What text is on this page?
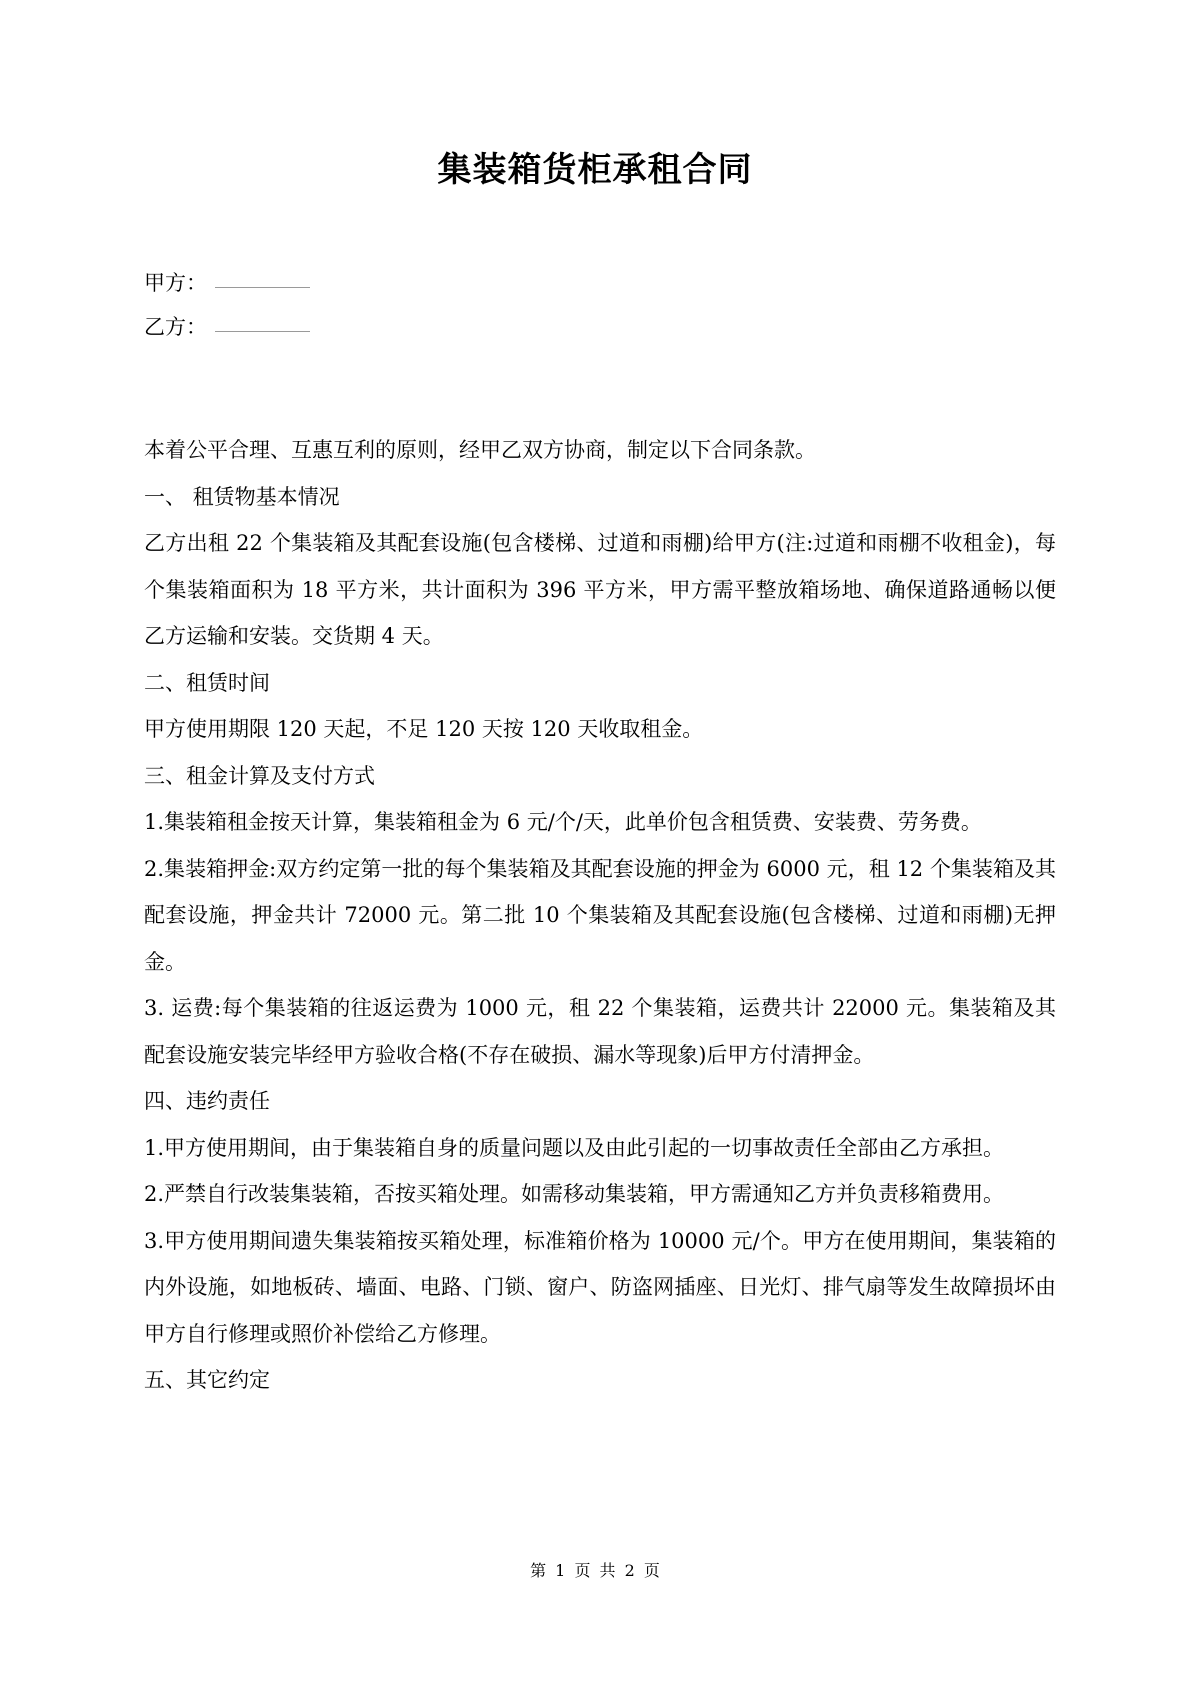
集装箱货柜承租合同
甲方：
乙方：

本着公平合理、互惠互利的原则，经甲乙双方协商，制定以下合同条款。

一、 租赁物基本情况

乙方出租 22 个集装箱及其配套设施(包含楼梯、过道和雨棚)给甲方(注:过道和雨棚不收租金)，每个集装箱面积为 18 平方米，共计面积为 396 平方米，甲方需平整放箱场地、确保道路通畅以便乙方运输和安装。交货期 4 天。

二、租赁时间

甲方使用期限 120 天起，不足 120 天按 120 天收取租金。

三、租金计算及支付方式

1.集装箱租金按天计算，集装箱租金为 6 元/个/天，此单价包含租赁费、安装费、劳务费。

2.集装箱押金:双方约定第一批的每个集装箱及其配套设施的押金为 6000 元，租 12 个集装箱及其配套设施，押金共计 72000 元。第二批 10 个集装箱及其配套设施(包含楼梯、过道和雨棚)无押金。

3. 运费:每个集装箱的往返运费为 1000 元，租 22 个集装箱，运费共计 22000 元。集装箱及其配套设施安装完毕经甲方验收合格(不存在破损、漏水等现象)后甲方付清押金。

四、违约责任

1.甲方使用期间，由于集装箱自身的质量问题以及由此引起的一切事故责任全部由乙方承担。

2.严禁自行改装集装箱，否按买箱处理。如需移动集装箱，甲方需通知乙方并负责移箱费用。

3.甲方使用期间遗失集装箱按买箱处理，标准箱价格为 10000 元/个。甲方在使用期间，集装箱的内外设施，如地板砖、墙面、电路、门锁、窗户、防盗网插座、日光灯、排气扇等发生故障损坏由甲方自行修理或照价补偿给乙方修理。

五、其它约定

第 1 页 共 2 页
